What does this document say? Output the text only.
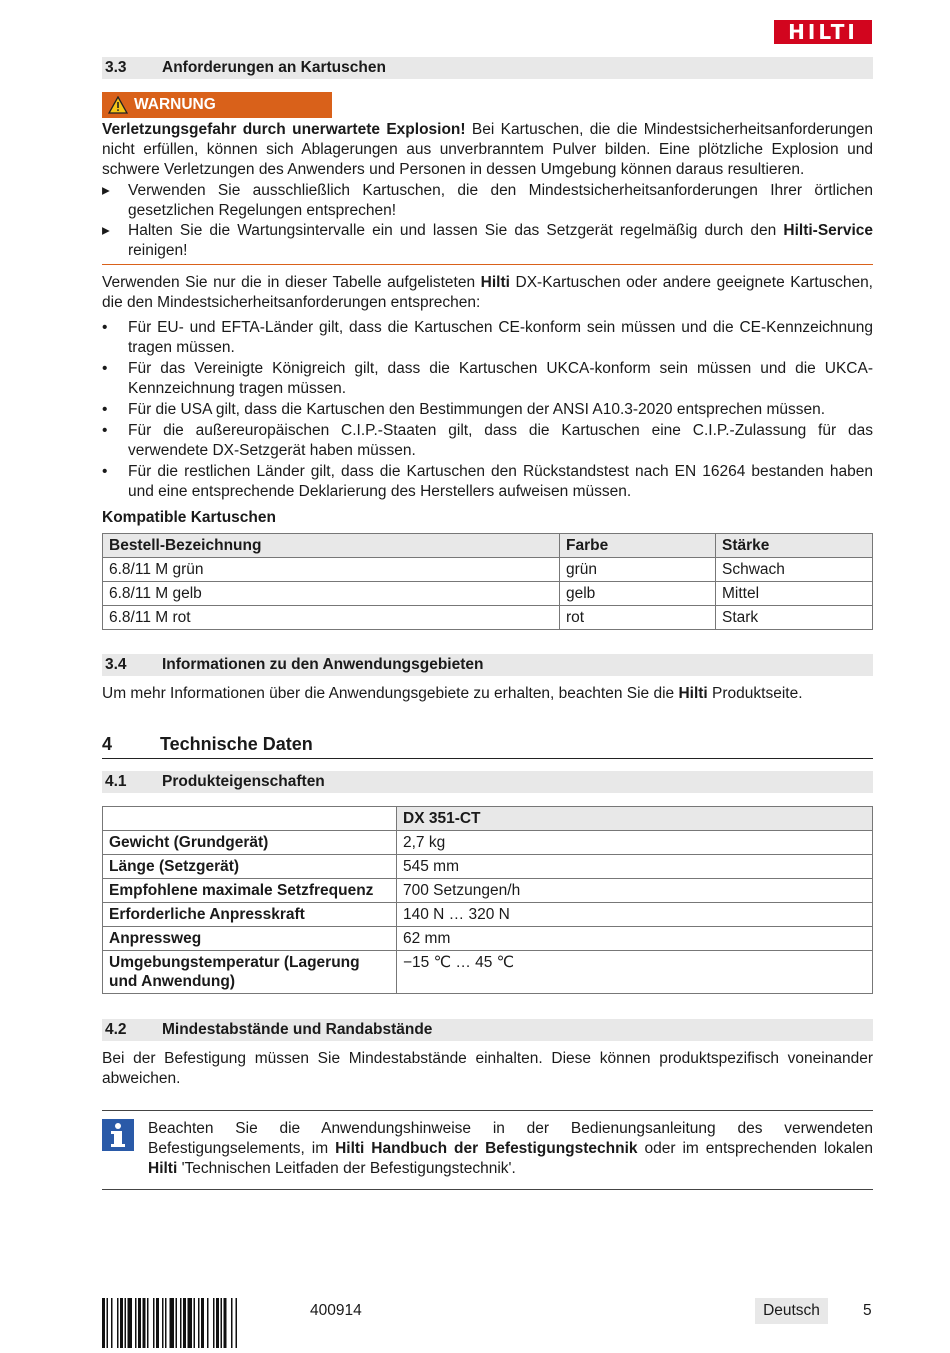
HILTI
3.3	Anforderungen an Kartuschen
WARNUNG

Verletzungsgefahr durch unerwartete Explosion! Bei Kartuschen, die die Mindestsicherheitsanforderungen nicht erfüllen, können sich Ablagerungen aus unverbranntem Pulver bilden. Eine plötzliche Explosion und schwere Verletzungen des Anwenders und Personen in dessen Umgebung können daraus resultieren.

▸	Verwenden Sie ausschließlich Kartuschen, die den Mindestsicherheitsanforderungen Ihrer örtlichen gesetzlichen Regelungen entsprechen!
▸	Halten Sie die Wartungsintervalle ein und lassen Sie das Setzgerät regelmäßig durch den Hilti-Service reinigen!

Verwenden Sie nur die in dieser Tabelle aufgelisteten Hilti DX-Kartuschen oder andere geeignete Kartuschen, die den Mindestsicherheitsanforderungen entsprechen:

•	Für EU- und EFTA-Länder gilt, dass die Kartuschen CE-konform sein müssen und die CE-Kennzeichnung tragen müssen.
•	Für das Vereinigte Königreich gilt, dass die Kartuschen UKCA-konform sein müssen und die UKCA-Kennzeichnung tragen müssen.
•	Für die USA gilt, dass die Kartuschen den Bestimmungen der ANSI A10.3-2020 entsprechen müssen.
•	Für die außereuropäischen C.I.P.-Staaten gilt, dass die Kartuschen eine C.I.P.-Zulassung für das verwendete DX-Setzgerät haben müssen.
•	Für die restlichen Länder gilt, dass die Kartuschen den Rückstandstest nach EN 16264 bestanden haben und eine entsprechende Deklarierung des Herstellers aufweisen müssen.
Kompatible Kartuschen
Bestell-Bezeichnung	Farbe	Stärke
6.8/11 M grün	grün	Schwach
6.8/11 M gelb	gelb	Mittel
6.8/11 M rot	rot	Stark
3.4	Informationen zu den Anwendungsgebieten

Um mehr Informationen über die Anwendungsgebiete zu erhalten, beachten Sie die Hilti Produktseite.

4	Technische Daten
4.1	Produkteigenschaften
	DX 351-CT
Gewicht (Grundgerät)	2,7 kg
Länge (Setzgerät)	545 mm
Empfohlene maximale Setzfrequenz	700 Setzungen/h
Erforderliche Anpresskraft	140 N … 320 N
Anpressweg	62 mm
Umgebungstemperatur (Lagerung und Anwendung)	−15 ℃ … 45 ℃
4.2	Mindestabstände und Randabstände

Bei der Befestigung müssen Sie Mindestabstände einhalten. Diese können produktspezifisch voneinander abweichen.

Beachten Sie die Anwendungshinweise in der Bedienungsanleitung des verwendeten Befestigungselements, im Hilti Handbuch der Befestigungstechnik oder im entsprechenden lokalen Hilti 'Technischen Leitfaden der Befestigungstechnik'.

400914	Deutsch	5
